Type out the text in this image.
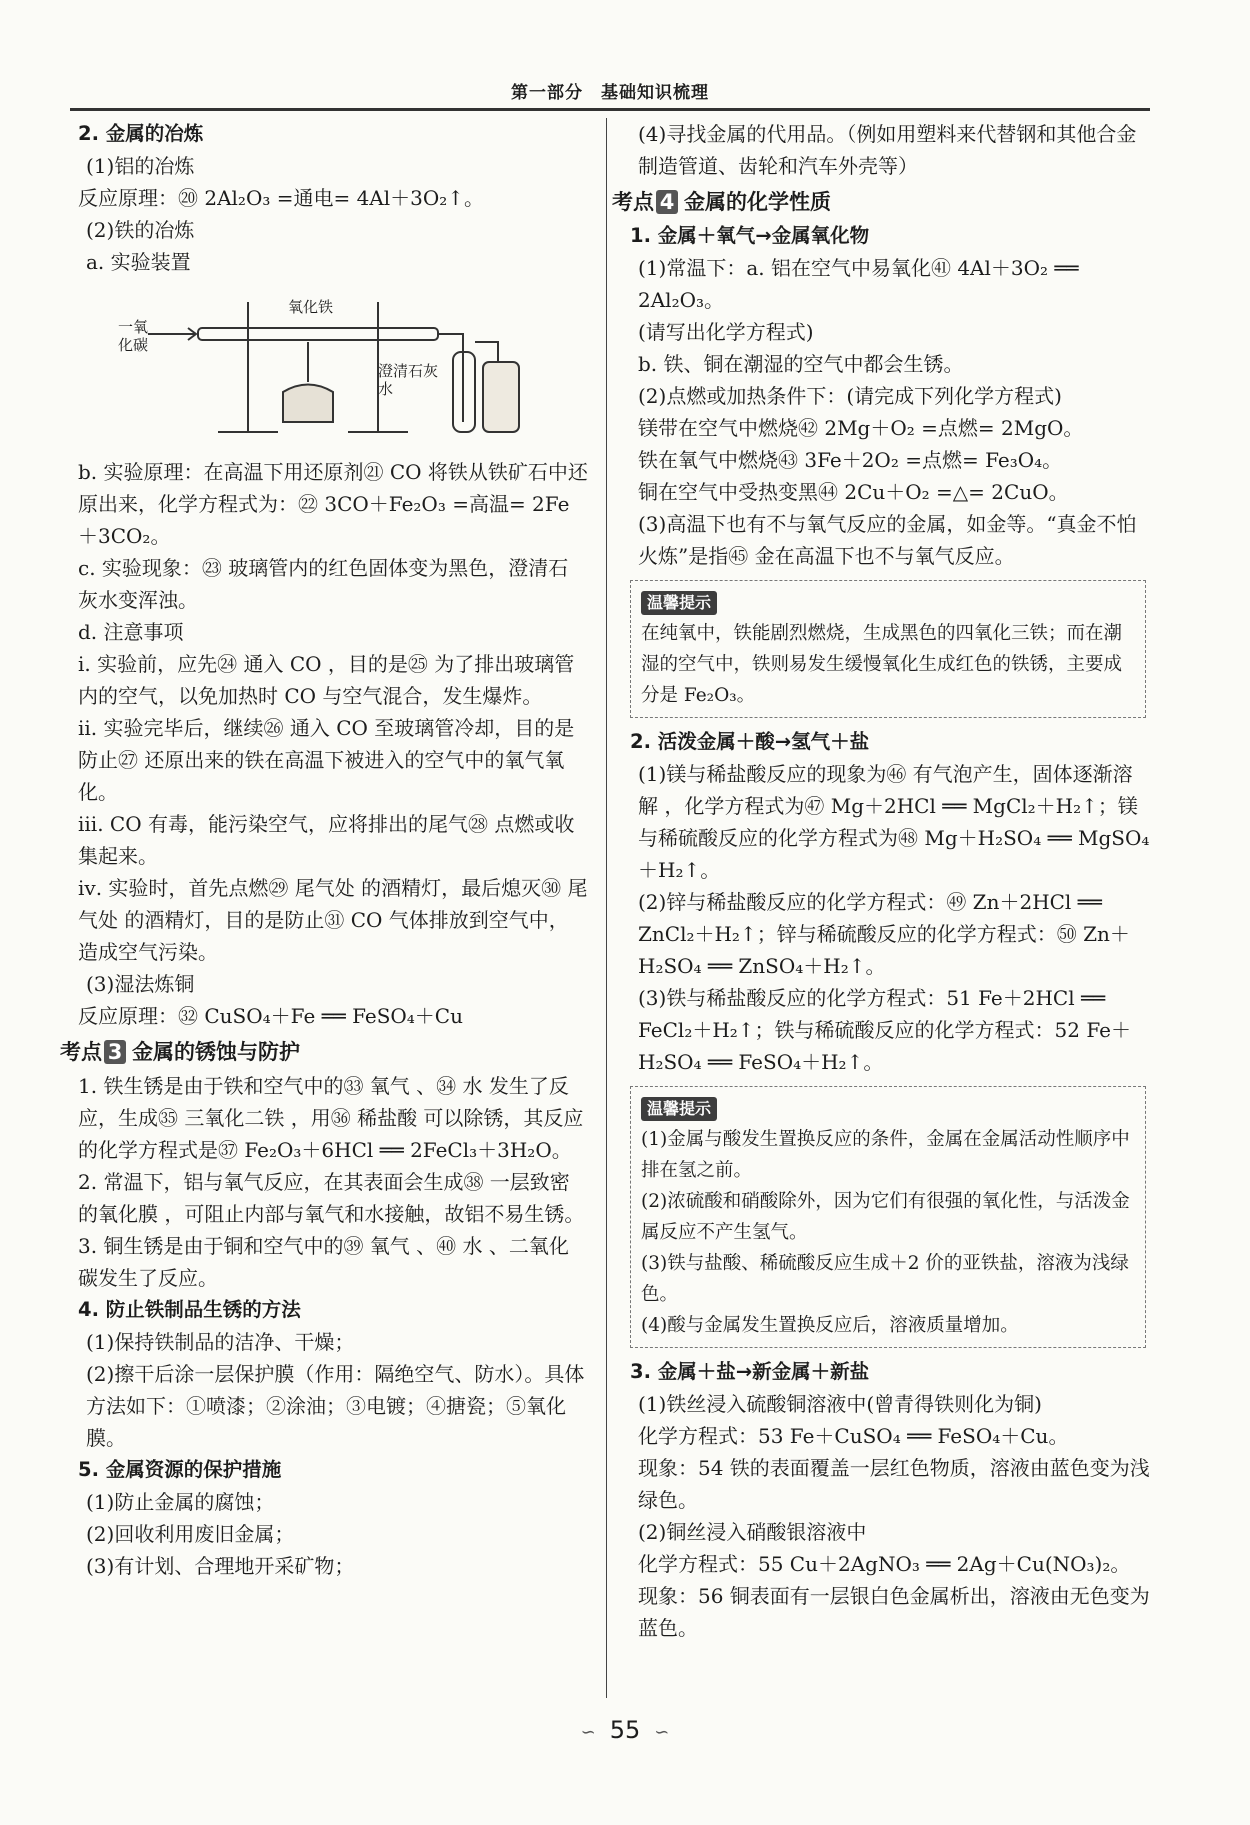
第一部分　基础知识梳理
2. 金属的冶炼
(1)铝的冶炼
反应原理：⑳ 2Al₂O₃ =通电= 4Al＋3O₂↑。
(2)铁的冶炼
a. 实验装置
一氧化碳
氧化铁
澄清石灰水
b. 实验原理：在高温下用还原剂㉑ CO 将铁从铁矿石中还原出来，化学方程式为：㉒ 3CO＋Fe₂O₃ =高温= 2Fe＋3CO₂。
c. 实验现象：㉓ 玻璃管内的红色固体变为黑色，澄清石灰水变浑浊。
d. 注意事项
ⅰ. 实验前，应先㉔ 通入 CO ，目的是㉕ 为了排出玻璃管内的空气，以免加热时 CO 与空气混合，发生爆炸。
ⅱ. 实验完毕后，继续㉖ 通入 CO 至玻璃管冷却，目的是防止㉗ 还原出来的铁在高温下被进入的空气中的氧气氧化。
ⅲ. CO 有毒，能污染空气，应将排出的尾气㉘ 点燃或收集起来。
ⅳ. 实验时，首先点燃㉙ 尾气处 的酒精灯，最后熄灭㉚ 尾气处 的酒精灯，目的是防止㉛ CO 气体排放到空气中，造成空气污染。
(3)湿法炼铜
反应原理：㉜ CuSO₄＋Fe ══ FeSO₄＋Cu
考点 3 金属的锈蚀与防护
1. 铁生锈是由于铁和空气中的㉝ 氧气 、㉞ 水 发生了反应，生成㉟ 三氧化二铁 ，用㊱ 稀盐酸 可以除锈，其反应的化学方程式是㊲ Fe₂O₃＋6HCl ══ 2FeCl₃＋3H₂O。
2. 常温下，铝与氧气反应，在其表面会生成㊳ 一层致密的氧化膜 ，可阻止内部与氧气和水接触，故铝不易生锈。
3. 铜生锈是由于铜和空气中的㊴ 氧气 、㊵ 水 、二氧化碳发生了反应。
4. 防止铁制品生锈的方法
(1)保持铁制品的洁净、干燥；
(2)擦干后涂一层保护膜（作用：隔绝空气、防水）。具体方法如下：①喷漆；②涂油；③电镀；④搪瓷；⑤氧化膜。
5. 金属资源的保护措施
(1)防止金属的腐蚀；
(2)回收利用废旧金属；
(3)有计划、合理地开采矿物；
(4)寻找金属的代用品。（例如用塑料来代替钢和其他合金制造管道、齿轮和汽车外壳等）
考点 4 金属的化学性质
1. 金属＋氧气→金属氧化物
(1)常温下：a. 铝在空气中易氧化㊶ 4Al＋3O₂ ══ 2Al₂O₃。
(请写出化学方程式)
b. 铁、铜在潮湿的空气中都会生锈。
(2)点燃或加热条件下：(请完成下列化学方程式)
镁带在空气中燃烧㊷ 2Mg＋O₂ =点燃= 2MgO。
铁在氧气中燃烧㊸ 3Fe＋2O₂ =点燃= Fe₃O₄。
铜在空气中受热变黑㊹ 2Cu＋O₂ =△= 2CuO。
(3)高温下也有不与氧气反应的金属，如金等。“真金不怕火炼”是指㊺ 金在高温下也不与氧气反应。
温馨提示
在纯氧中，铁能剧烈燃烧，生成黑色的四氧化三铁；而在潮湿的空气中，铁则易发生缓慢氧化生成红色的铁锈，主要成分是 Fe₂O₃。
2. 活泼金属＋酸→氢气＋盐
(1)镁与稀盐酸反应的现象为㊻ 有气泡产生，固体逐渐溶解 ，化学方程式为㊼ Mg＋2HCl ══ MgCl₂＋H₂↑；镁与稀硫酸反应的化学方程式为㊽ Mg＋H₂SO₄ ══ MgSO₄＋H₂↑。
(2)锌与稀盐酸反应的化学方程式：㊾ Zn＋2HCl ══ ZnCl₂＋H₂↑；锌与稀硫酸反应的化学方程式：㊿ Zn＋H₂SO₄ ══ ZnSO₄＋H₂↑。
(3)铁与稀盐酸反应的化学方程式：51 Fe＋2HCl ══ FeCl₂＋H₂↑；铁与稀硫酸反应的化学方程式：52 Fe＋H₂SO₄ ══ FeSO₄＋H₂↑。
温馨提示
(1)金属与酸发生置换反应的条件，金属在金属活动性顺序中排在氢之前。
(2)浓硫酸和硝酸除外，因为它们有很强的氧化性，与活泼金属反应不产生氢气。
(3)铁与盐酸、稀硫酸反应生成＋2 价的亚铁盐，溶液为浅绿色。
(4)酸与金属发生置换反应后，溶液质量增加。
3. 金属＋盐→新金属＋新盐
(1)铁丝浸入硫酸铜溶液中(曾青得铁则化为铜)
化学方程式：53 Fe＋CuSO₄ ══ FeSO₄＋Cu。
现象：54 铁的表面覆盖一层红色物质，溶液由蓝色变为浅绿色。
(2)铜丝浸入硝酸银溶液中
化学方程式：55 Cu＋2AgNO₃ ══ 2Ag＋Cu(NO₃)₂。
现象：56 铜表面有一层银白色金属析出，溶液由无色变为蓝色。
∽ 55 ∽
